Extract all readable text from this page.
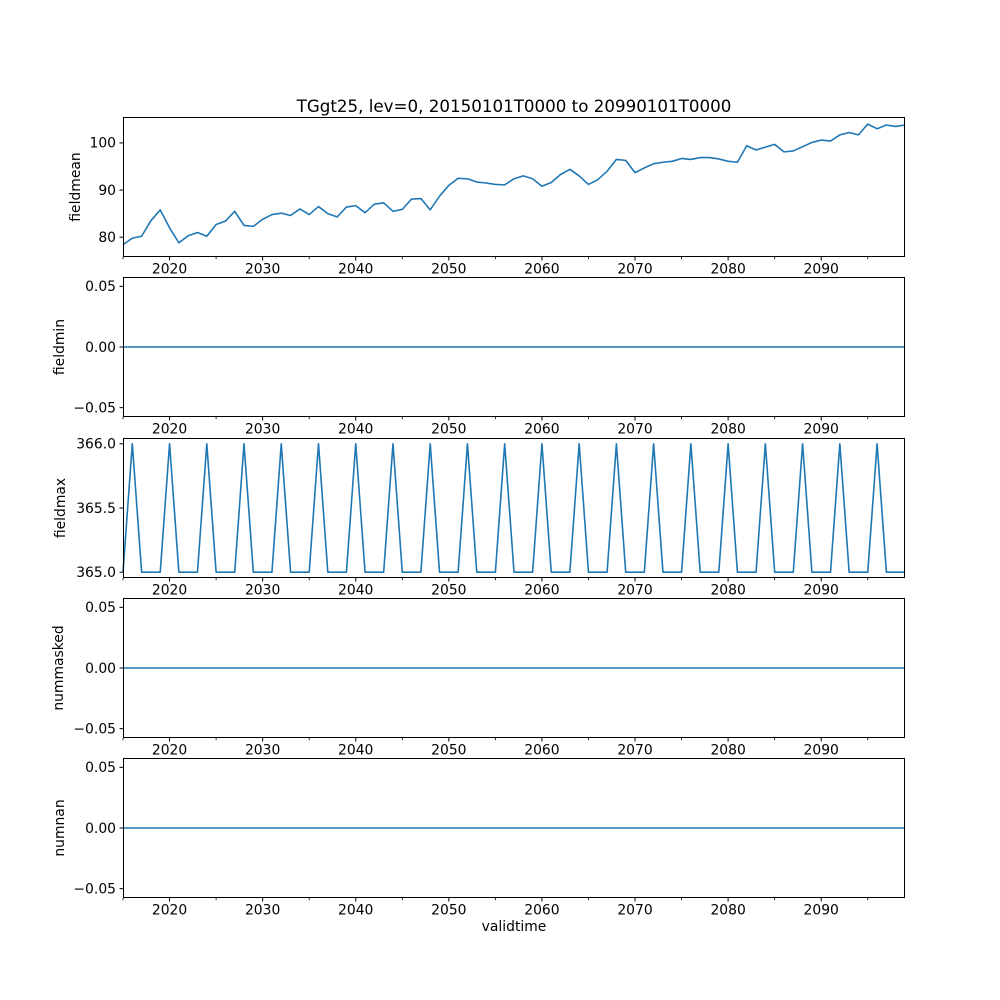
TGgt25, lev=0, 20150101T0000 to 20990101T0000
fieldmean
2020	2030	2040	2050	2060	2070	2080	2090
80
90
100
fieldmin
2020	2030	2040	2050	2060	2070	2080	2090
0.05
0.00
−0.05
fieldmax
2020	2030	2040	2050	2060	2070	2080	2090
365.0
365.5
366.0
nummasked
2020	2030	2040	2050	2060	2070	2080	2090
0.05
0.00
−0.05
numnan
2020	2030	2040	2050	2060	2070	2080	2090
0.05
0.00
−0.05
validtime
